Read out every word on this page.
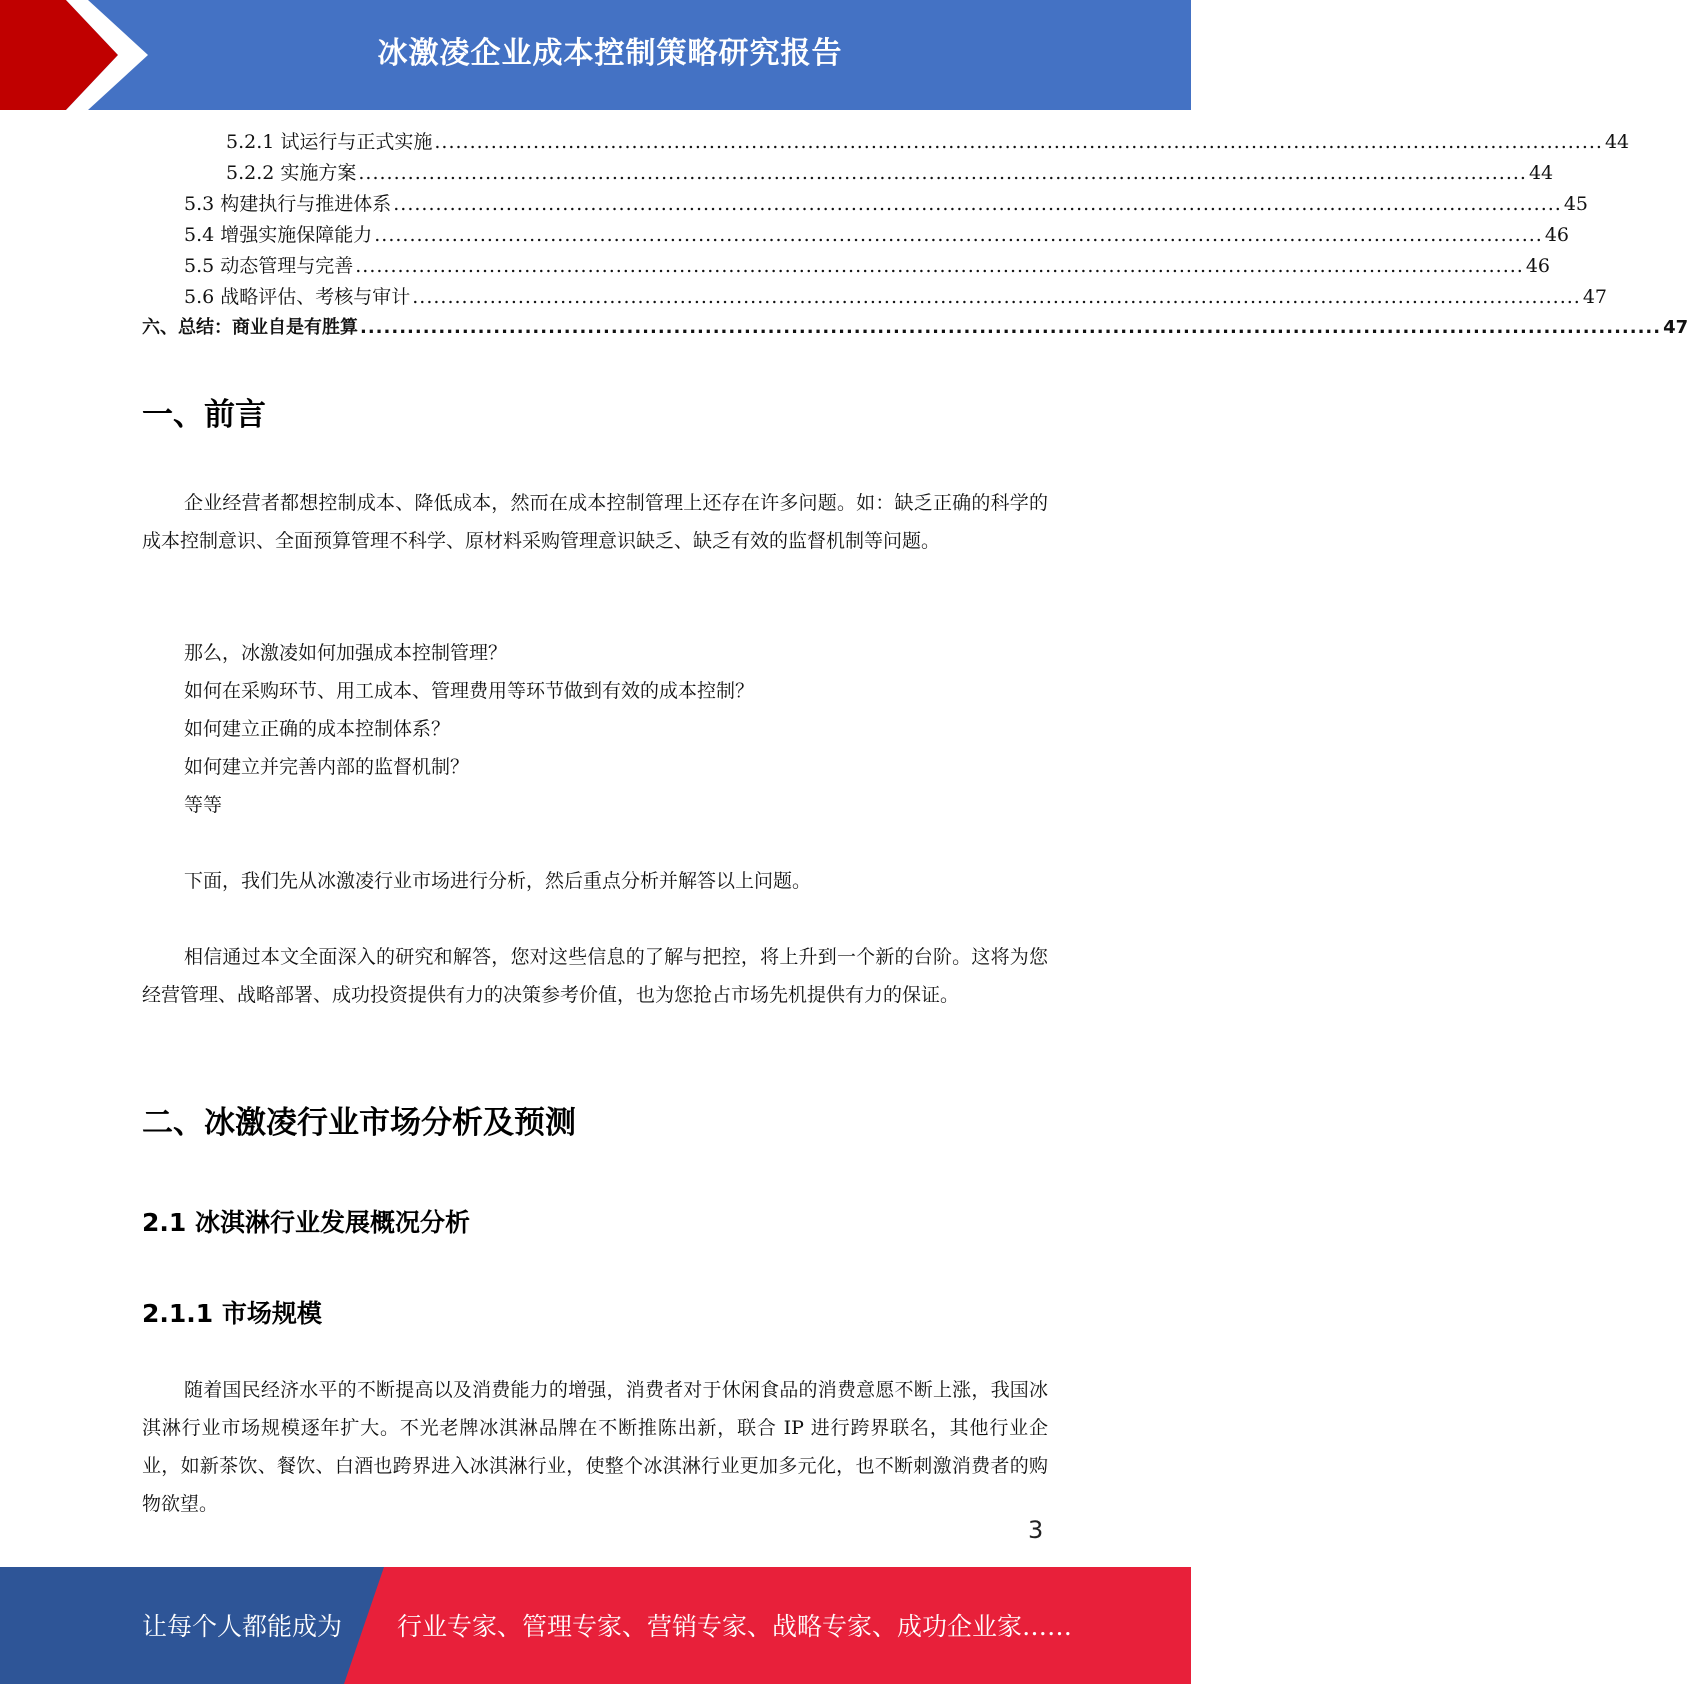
冰激凌企业成本控制策略研究报告
5.2.1 试运行与正式实施 ...................................................................................................................................................................... 44
5.2.2 实施方案 ...................................................................................................................................................................... 44
5.3 构建执行与推进体系 ...................................................................................................................................................................... 45
5.4 增强实施保障能力 ...................................................................................................................................................................... 46
5.5 动态管理与完善 ...................................................................................................................................................................... 46
5.6 战略评估、考核与审计 ...................................................................................................................................................................... 47
六、总结：商业自是有胜算 ...................................................................................................................................................................... 47
一、前言
企业经营者都想控制成本、降低成本，然而在成本控制管理上还存在许多问题。如：缺乏正确的科学的成本控制意识、全面预算管理不科学、原材料采购管理意识缺乏、缺乏有效的监督机制等问题。
那么，冰激凌如何加强成本控制管理？
如何在采购环节、用工成本、管理费用等环节做到有效的成本控制？
如何建立正确的成本控制体系？
如何建立并完善内部的监督机制？
等等
下面，我们先从冰激凌行业市场进行分析，然后重点分析并解答以上问题。
相信通过本文全面深入的研究和解答，您对这些信息的了解与把控，将上升到一个新的台阶。这将为您经营管理、战略部署、成功投资提供有力的决策参考价值，也为您抢占市场先机提供有力的保证。
二、冰激凌行业市场分析及预测
2.1 冰淇淋行业发展概况分析
2.1.1 市场规模
随着国民经济水平的不断提高以及消费能力的增强，消费者对于休闲食品的消费意愿不断上涨，我国冰淇淋行业市场规模逐年扩大。不光老牌冰淇淋品牌在不断推陈出新，联合 IP 进行跨界联名，其他行业企业，如新茶饮、餐饮、白酒也跨界进入冰淇淋行业，使整个冰淇淋行业更加多元化，也不断刺激消费者的购物欲望。
3
让每个人都能成为 行业专家、管理专家、营销专家、战略专家、成功企业家……
